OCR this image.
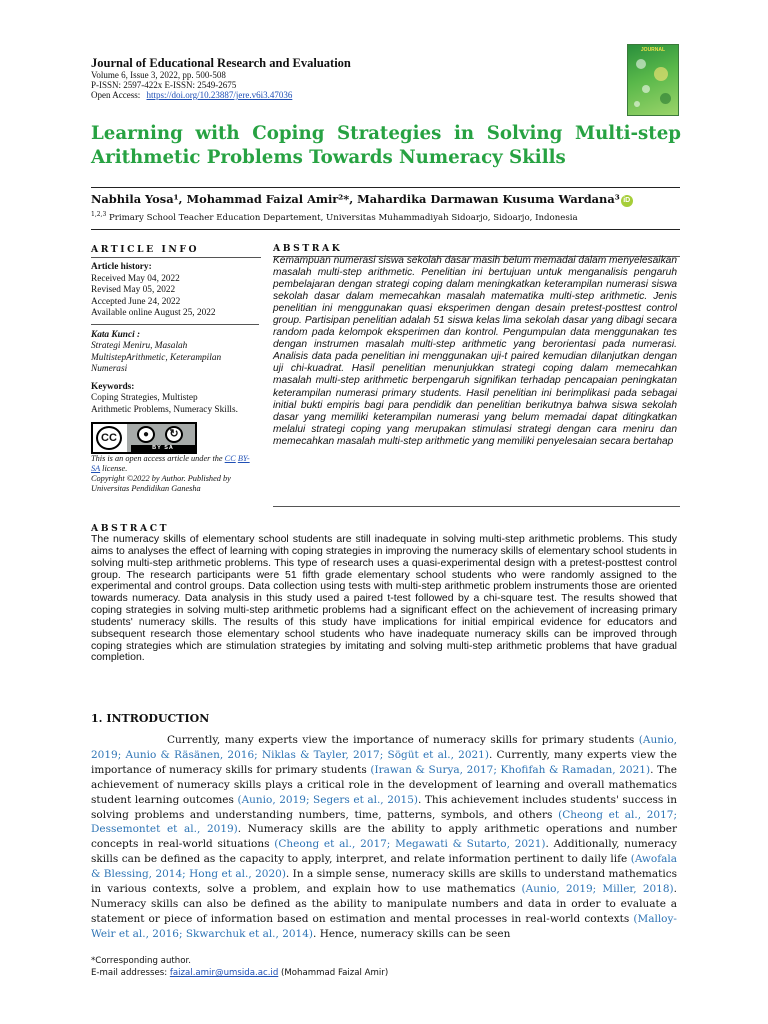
Journal of Educational Research and Evaluation
Volume 6, Issue 3, 2022, pp. 500-508
P-ISSN: 2597-422x E-ISSN: 2549-2675
Open Access: https://doi.org/10.23887/jere.v6i3.47036
JOURNAL
Learning with Coping Strategies in Solving Multi-step Arithmetic Problems Towards Numeracy Skills
Nabhila Yosa¹, Mohammad Faizal Amir²*, Mahardika Darmawan Kusuma Wardana³ iD
$^{1,2,3}$ Primary School Teacher Education Departement, Universitas Muhammadiyah Sidoarjo, Sidoarjo, Indonesia
ARTICLE INFO

Article history:

Received May 04, 2022

Revised May 05, 2022

Accepted June 24, 2022

Available online August 25, 2022

Kata Kunci :

Strategi Meniru, Masalah

MultistepArithmetic, Keterampilan

Numerasi

Keywords:

Coping Strategies, Multistep

Arithmetic Problems, Numeracy Skills.

CC	●	↻
BY SA
This is an open access article under the CC BY-SA license.
Copyright ©2022 by Author. Published by Universitas Pendidikan Ganesha
ABSTRAK
Kemampuan numerasi siswa sekolah dasar masih belum memadai dalam menyelesaikan masalah multi-step arithmetic. Penelitian ini bertujuan untuk menganalisis pengaruh pembelajaran dengan strategi coping dalam meningkatkan keterampilan numerasi siswa sekolah dasar dalam memecahkan masalah matematika multi-step arithmetic. Jenis penelitian ini menggunakan quasi eksperimen dengan desain pretest-posttest control group. Partisipan penelitian adalah 51 siswa kelas lima sekolah dasar yang dibagi secara random pada kelompok eksperimen dan kontrol. Pengumpulan data menggunakan tes dengan instrumen masalah multi-step arithmetic yang berorientasi pada numerasi. Analisis data pada penelitian ini menggunakan uji-t paired kemudian dilanjutkan dengan uji chi-kuadrat. Hasil penelitian menunjukkan strategi coping dalam memecahkan masalah multi-step arithmetic berpengaruh signifikan terhadap pencapaian peningkatan keterampilan numerasi primary students. Hasil penelitian ini berimplikasi pada sebagai initial bukti empiris bagi para pendidik dan penelitian berikutnya bahwa siswa sekolah dasar yang memiliki keterampilan numerasi yang belum memadai dapat ditingkatkan melalui strategi coping yang merupakan stimulasi strategi dengan cara meniru dan memecahkan masalah multi-step arithmetic yang memiliki penyelesaian secara bertahap
ABSTRACT
The numeracy skills of elementary school students are still inadequate in solving multi-step arithmetic problems. This study aims to analyses the effect of learning with coping strategies in improving the numeracy skills of elementary school students in solving multi-step arithmetic problems. This type of research uses a quasi-experimental design with a pretest-posttest control group. The research participants were 51 fifth grade elementary school students who were randomly assigned to the experimental and control groups. Data collection using tests with multi-step arithmetic problem instruments those are oriented towards numeracy. Data analysis in this study used a paired t-test followed by a chi-square test. The results showed that coping strategies in solving multi-step arithmetic problems had a significant effect on the achievement of increasing primary students' numeracy skills. The results of this study have implications for initial empirical evidence for educators and subsequent research those elementary school students who have inadequate numeracy skills can be improved through coping strategies which are stimulation strategies by imitating and solving multi-step arithmetic problems that have gradual completion.
1. INTRODUCTION
Currently, many experts view the importance of numeracy skills for primary students (Aunio, 2019; Aunio & Räsänen, 2016; Niklas & Tayler, 2017; Sögüt et al., 2021). Currently, many experts view the importance of numeracy skills for primary students (Irawan & Surya, 2017; Khofifah & Ramadan, 2021). The achievement of numeracy skills plays a critical role in the development of learning and overall mathematics student learning outcomes (Aunio, 2019; Segers et al., 2015). This achievement includes students' success in solving problems and understanding numbers, time, patterns, symbols, and others (Cheong et al., 2017; Dessemontet et al., 2019). Numeracy skills are the ability to apply arithmetic operations and number concepts in real-world situations (Cheong et al., 2017; Megawati & Sutarto, 2021). Additionally, numeracy skills can be defined as the capacity to apply, interpret, and relate information pertinent to daily life (Awofala & Blessing, 2014; Hong et al., 2020). In a simple sense, numeracy skills are skills to understand mathematics in various contexts, solve a problem, and explain how to use mathematics (Aunio, 2019; Miller, 2018). Numeracy skills can also be defined as the ability to manipulate numbers and data in order to evaluate a statement or piece of information based on estimation and mental processes in real-world contexts (Malloy-Weir et al., 2016; Skwarchuk et al., 2014). Hence, numeracy skills can be seen
*Corresponding author.
E-mail addresses: faizal.amir@umsida.ac.id (Mohammad Faizal Amir)
